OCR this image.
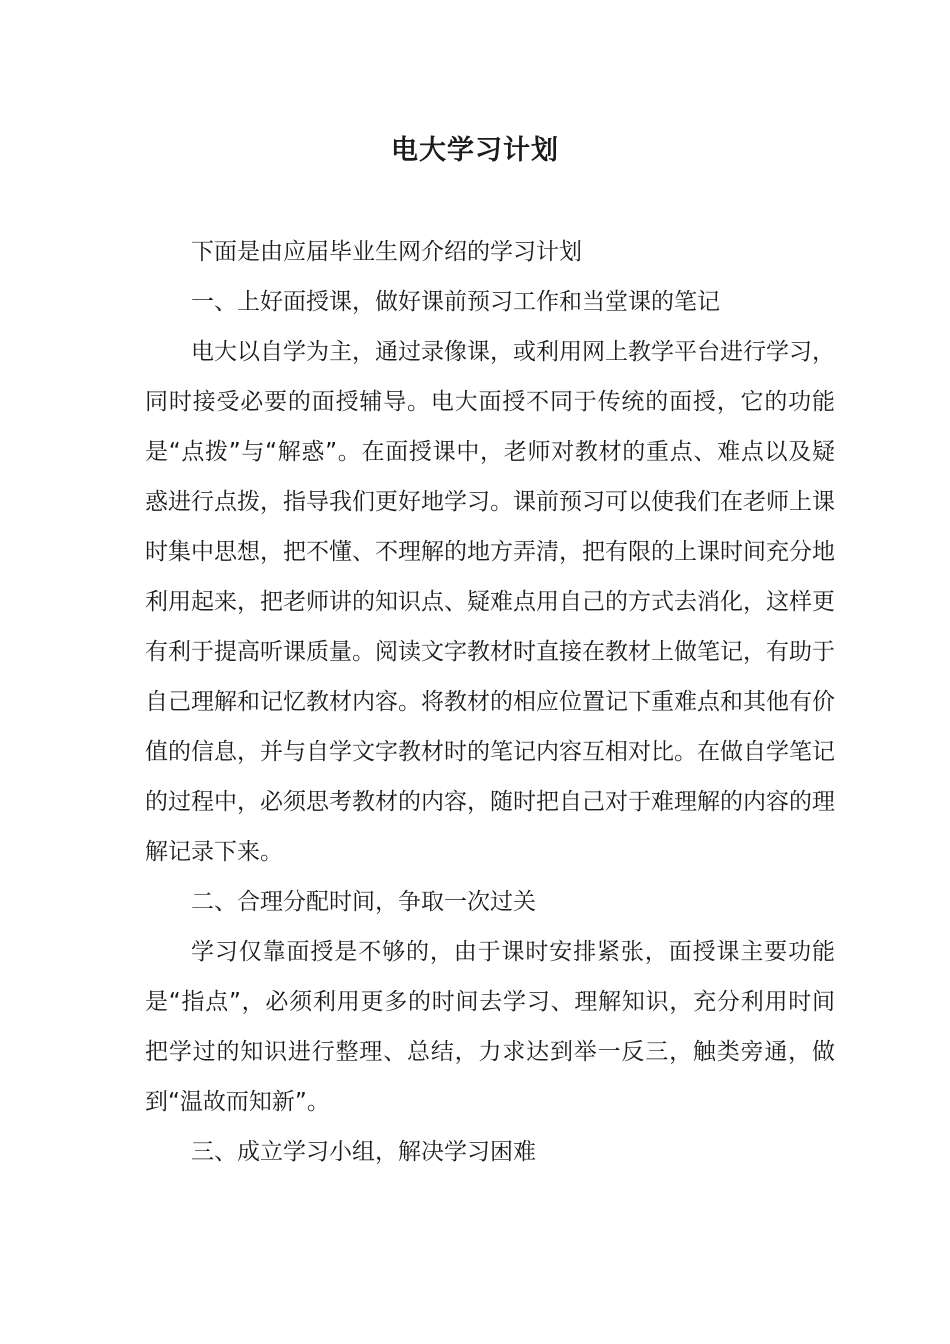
电大学习计划

下面是由应届毕业生网介绍的学习计划

一、上好面授课，做好课前预习工作和当堂课的笔记

电大以自学为主，通过录像课，或利用网上教学平台进行学习，同时接受必要的面授辅导。电大面授不同于传统的面授，它的功能是“点拨”与“解惑”。在面授课中，老师对教材的重点、难点以及疑惑进行点拨，指导我们更好地学习。课前预习可以使我们在老师上课时集中思想，把不懂、不理解的地方弄清，把有限的上课时间充分地利用起来，把老师讲的知识点、疑难点用自己的方式去消化，这样更有利于提高听课质量。阅读文字教材时直接在教材上做笔记，有助于自己理解和记忆教材内容。将教材的相应位置记下重难点和其他有价值的信息，并与自学文字教材时的笔记内容互相对比。在做自学笔记的过程中，必须思考教材的内容，随时把自己对于难理解的内容的理解记录下来。

二、合理分配时间，争取一次过关

学习仅靠面授是不够的，由于课时安排紧张，面授课主要功能是“指点”，必须利用更多的时间去学习、理解知识，充分利用时间把学过的知识进行整理、总结，力求达到举一反三，触类旁通，做到“温故而知新”。

三、成立学习小组，解决学习困难
